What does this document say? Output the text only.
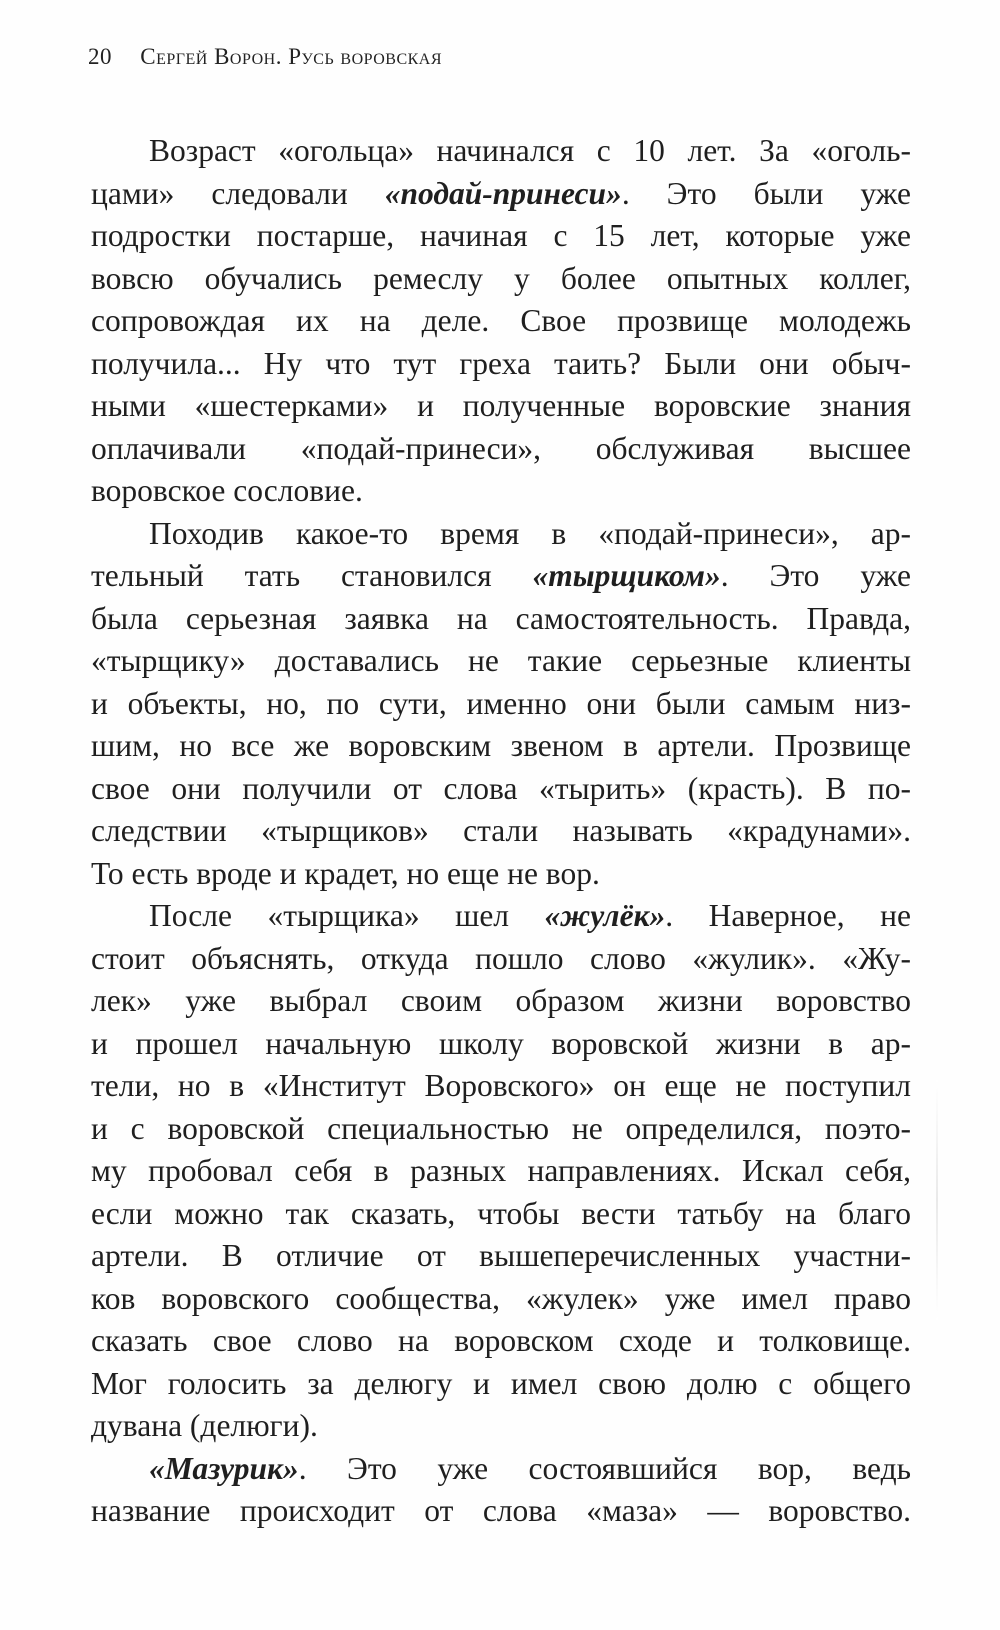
20 Сергей Ворон. Русь воровская
Возраст «огольца» начинался с 10 лет. За «оголь-
цами» следовали «подай-принеси». Это были уже
подростки постарше, начиная с 15 лет, которые уже
вовсю обучались ремеслу у более опытных коллег,
сопровождая их на деле. Свое прозвище молодежь
получила... Ну что тут греха таить? Были они обыч-
ными «шестерками» и полученные воровские знания
оплачивали «подай-принеси», обслуживая высшее
воровское сословие.
Походив какое-то время в «подай-принеси», ар-
тельный тать становился «тырщиком». Это уже
была серьезная заявка на самостоятельность. Правда,
«тырщику» доставались не такие серьезные клиенты
и объекты, но, по сути, именно они были самым низ-
шим, но все же воровским звеном в артели. Прозвище
свое они получили от слова «тырить» (красть). В по-
следствии «тырщиков» стали называть «крадунами».
То есть вроде и крадет, но еще не вор.
После «тырщика» шел «жулёк». Наверное, не
стоит объяснять, откуда пошло слово «жулик». «Жу-
лек» уже выбрал своим образом жизни воровство
и прошел начальную школу воровской жизни в ар-
тели, но в «Институт Воровского» он еще не поступил
и с воровской специальностью не определился, поэто-
му пробовал себя в разных направлениях. Искал себя,
если можно так сказать, чтобы вести татьбу на благо
артели. В отличие от вышеперечисленных участни-
ков воровского сообщества, «жулек» уже имел право
сказать свое слово на воровском сходе и толковище.
Мог голосить за делюгу и имел свою долю с общего
дувана (делюги).
«Мазурик». Это уже состоявшийся вор, ведь
название происходит от слова «маза» — воровство.
